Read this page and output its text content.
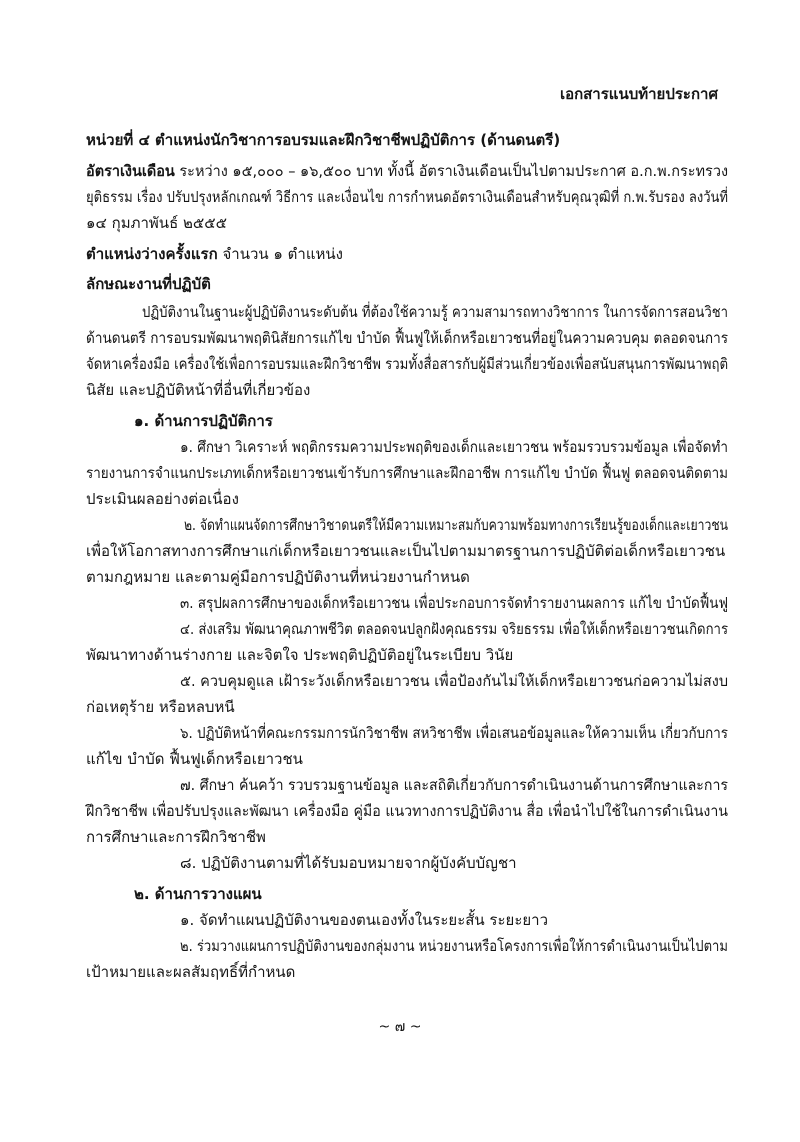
เอกสารแนบท้ายประกาศ
หน่วยที่ ๔ ตำแหน่งนักวิชาการอบรมและฝึกวิชาชีพปฏิบัติการ (ด้านดนตรี)
อัตราเงินเดือน ระหว่าง ๑๕,๐๐๐ – ๑๖,๕๐๐ บาท ทั้งนี้ อัตราเงินเดือนเป็นไปตามประกาศ อ.ก.พ.กระทรวง
ยุติธรรม เรื่อง ปรับปรุงหลักเกณฑ์ วิธีการ และเงื่อนไข การกำหนดอัตราเงินเดือนสำหรับคุณวุฒิที่ ก.พ.รับรอง ลงวันที่
๑๔ กุมภาพันธ์ ๒๕๕๕
ตำแหน่งว่างครั้งแรก จำนวน ๑ ตำแหน่ง
ลักษณะงานที่ปฏิบัติ
ปฏิบัติงานในฐานะผู้ปฏิบัติงานระดับต้น ที่ต้องใช้ความรู้ ความสามารถทางวิชาการ ในการจัดการสอนวิชา
ด้านดนตรี การอบรมพัฒนาพฤตินิสัยการแก้ไข บำบัด ฟื้นฟูให้เด็กหรือเยาวชนที่อยู่ในความควบคุม ตลอดจนการ
จัดหาเครื่องมือ เครื่องใช้เพื่อการอบรมและฝึกวิชาชีพ รวมทั้งสื่อสารกับผู้มีส่วนเกี่ยวข้องเพื่อสนับสนุนการพัฒนาพฤติ
นิสัย และปฏิบัติหน้าที่อื่นที่เกี่ยวข้อง
๑. ด้านการปฏิบัติการ
๑. ศึกษา วิเคราะห์ พฤติกรรมความประพฤติของเด็กและเยาวชน พร้อมรวบรวมข้อมูล เพื่อจัดทำ
รายงานการจำแนกประเภทเด็กหรือเยาวชนเข้ารับการศึกษาและฝึกอาชีพ การแก้ไข บำบัด ฟื้นฟู ตลอดจนติดตาม
ประเมินผลอย่างต่อเนื่อง
๒. จัดทำแผนจัดการศึกษาวิชาดนตรีให้มีความเหมาะสมกับความพร้อมทางการเรียนรู้ของเด็กและเยาวชน
เพื่อให้โอกาสทางการศึกษาแก่เด็กหรือเยาวชนและเป็นไปตามมาตรฐานการปฏิบัติต่อเด็กหรือเยาวชน
ตามกฎหมาย และตามคู่มือการปฏิบัติงานที่หน่วยงานกำหนด
๓. สรุปผลการศึกษาของเด็กหรือเยาวชน เพื่อประกอบการจัดทำรายงานผลการ แก้ไข บำบัดฟื้นฟู
๔. ส่งเสริม พัฒนาคุณภาพชีวิต ตลอดจนปลูกฝังคุณธรรม จริยธรรม เพื่อให้เด็กหรือเยาวชนเกิดการ
พัฒนาทางด้านร่างกาย และจิตใจ ประพฤติปฏิบัติอยู่ในระเบียบ วินัย
๕. ควบคุมดูแล เฝ้าระวังเด็กหรือเยาวชน เพื่อป้องกันไม่ให้เด็กหรือเยาวชนก่อความไม่สงบ
ก่อเหตุร้าย หรือหลบหนี
๖. ปฏิบัติหน้าที่คณะกรรมการนักวิชาชีพ สหวิชาชีพ เพื่อเสนอข้อมูลและให้ความเห็น เกี่ยวกับการ
แก้ไข บำบัด ฟื้นฟูเด็กหรือเยาวชน
๗. ศึกษา ค้นคว้า รวบรวมฐานข้อมูล และสถิติเกี่ยวกับการดำเนินงานด้านการศึกษาและการ
ฝึกวิชาชีพ เพื่อปรับปรุงและพัฒนา เครื่องมือ คู่มือ แนวทางการปฏิบัติงาน สื่อ เพื่อนำไปใช้ในการดำเนินงาน
การศึกษาและการฝึกวิชาชีพ
๘. ปฏิบัติงานตามที่ได้รับมอบหมายจากผู้บังคับบัญชา
๒. ด้านการวางแผน
๑. จัดทำแผนปฏิบัติงานของตนเองทั้งในระยะสั้น ระยะยาว
๒. ร่วมวางแผนการปฏิบัติงานของกลุ่มงาน หน่วยงานหรือโครงการเพื่อให้การดำเนินงานเป็นไปตาม
เป้าหมายและผลสัมฤทธิ์ที่กำหนด
~ ๗ ~
